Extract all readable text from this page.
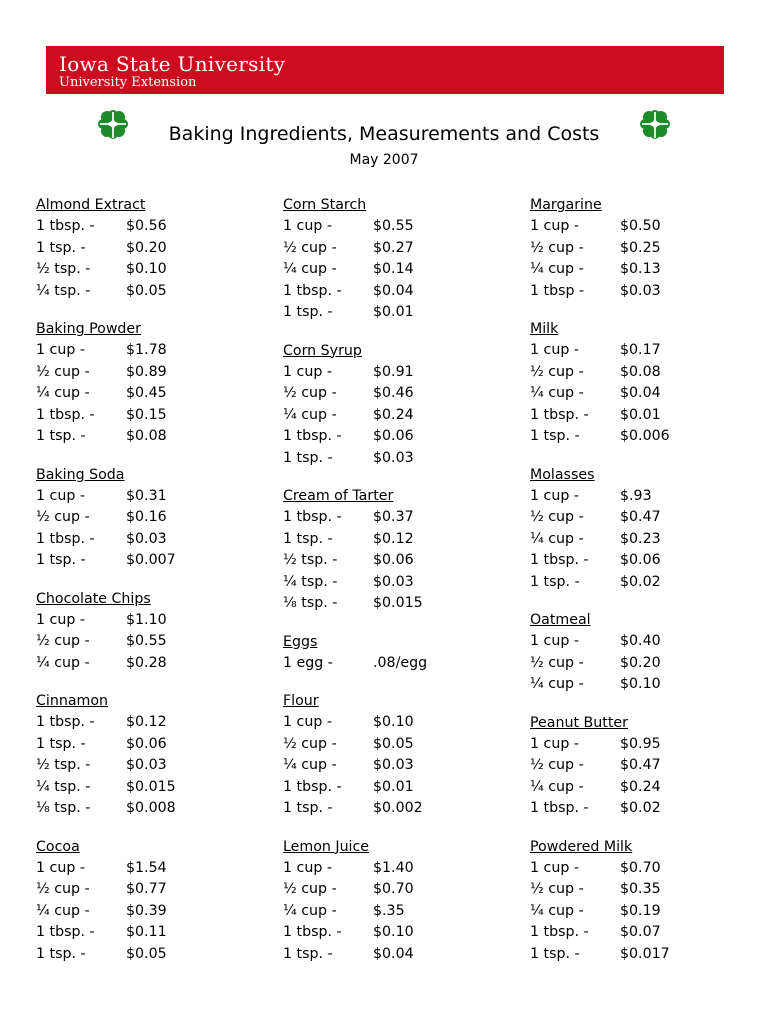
Iowa State University
University Extension
Baking Ingredients, Measurements and Costs
May 2007
Almond Extract
1 tbsp. - $0.56
1 tsp. -	$0.20
½ tsp. -	$0.10
¼ tsp. -	$0.05
Baking Powder
1 cup -	$1.78
½ cup -	$0.89
¼ cup -	$0.45
1 tbsp. - $0.15
1 tsp. -	$0.08
Baking Soda
1 cup -	$0.31
½ cup -	$0.16
1 tbsp. - $0.03
1 tsp. -	$0.007
Chocolate Chips
1 cup -	$1.10
½ cup -	$0.55
¼ cup -	$0.28
Cinnamon
1 tbsp. - $0.12
1 tsp. -	$0.06
½ tsp. -	$0.03
¼ tsp. -	$0.015
⅛ tsp. -	$0.008
Cocoa
1 cup -	$1.54
½ cup -	$0.77
¼ cup -	$0.39
1 tbsp. - $0.11
1 tsp. -	$0.05
Corn Starch
1 cup -	$0.55
½ cup -	$0.27
¼ cup -	$0.14
1 tbsp. - $0.04
1 tsp. -	$0.01
Corn Syrup
1 cup -	$0.91
½ cup -	$0.46
¼ cup -	$0.24
1 tbsp. - $0.06
1 tsp. -	$0.03
Cream of Tarter
1 tbsp. - $0.37
1 tsp. -	$0.12
½ tsp. -	$0.06
¼ tsp. -	$0.03
⅛ tsp. -	$0.015
Eggs
1 egg -	.08/egg
Flour
1 cup -	$0.10
½ cup -	$0.05
¼ cup -	$0.03
1 tbsp. - $0.01
1 tsp. -	$0.002
Lemon Juice
1 cup -	$1.40
½ cup -	$0.70
¼ cup -	$.35
1 tbsp. - $0.10
1 tsp. -	$0.04
Margarine
1 cup -	$0.50
½ cup -	$0.25
¼ cup -	$0.13
1 tbsp -	$0.03
Milk
1 cup -	$0.17
½ cup -	$0.08
¼ cup -	$0.04
1 tbsp. - $0.01
1 tsp. -	$0.006
Molasses
1 cup -	$.93
½ cup -	$0.47
¼ cup -	$0.23
1 tbsp. - $0.06
1 tsp. -	$0.02
Oatmeal
1 cup -	$0.40
½ cup -	$0.20
¼ cup -	$0.10
Peanut Butter
1 cup -	$0.95
½ cup -	$0.47
¼ cup -	$0.24
1 tbsp. - $0.02
Powdered Milk
1 cup -	$0.70
½ cup -	$0.35
¼ cup -	$0.19
1 tbsp. - $0.07
1 tsp. -	$0.017
